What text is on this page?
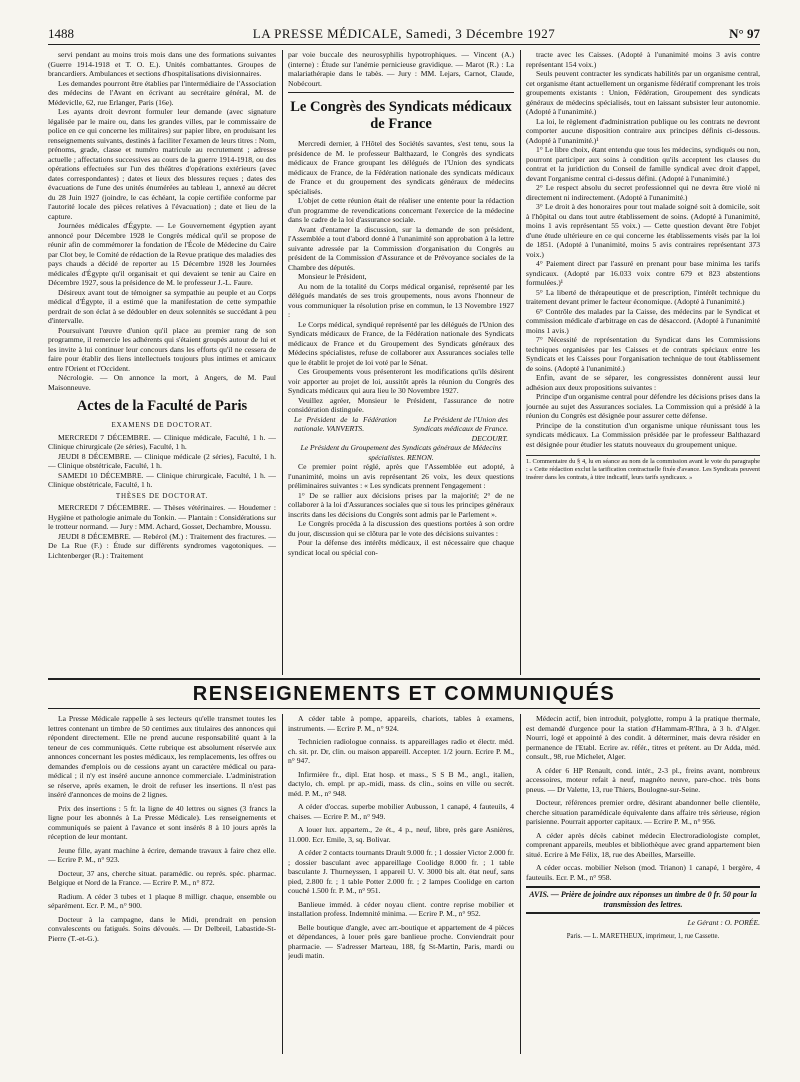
1488	LA PRESSE MÉDICALE, Samedi, 3 Décembre 1927	N° 97

servi pendant au moins trois mois dans une des formations suivantes (Guerre 1914-1918 et T. O. E.). Unités combattantes. Groupes de brancardiers. Ambulances et sections d'hospitalisations divisionnaires.

Les demandes pourront être établies par l'intermédiaire de l'Association des médecins de l'Avant en écrivant au secrétaire général, M. de Médeviclle, 62, rue Erlanger, Paris (16e).

Les ayants droit devront formuler leur demande (avec signature légalisée par le maire ou, dans les grandes villes, par le commissaire de police en ce qui concerne les militaires) sur papier libre, en produisant les renseignements suivants, destinés à faciliter l'examen de leurs titres : Nom, prénoms, grade, classe et numéro matricule au recrutement ; adresse actuelle ; affectations successives au cours de la guerre 1914-1918, ou des opérations effectuées sur l'un des théâtres d'opérations extérieurs (avec dates correspondantes) ; dates et lieux des blessures reçues ; dates des évacuations de l'une des unités énumérées au tableau 1, annexé au décret du 28 Juin 1927 (joindre, le cas échéant, la copie certifiée conforme par l'autorité locale des pièces relatives à l'évacuation) ; date et lieu de la capture.

Journées médicales d'Égypte. — Le Gouvernement égyptien ayant annoncé pour Décembre 1928 le Congrès médical qu'il se propose de réunir afin de commémorer la fondation de l'École de Médecine du Caire par Clot bey, le Comité de rédaction de la Revue pratique des maladies des pays chauds a décidé de reporter au 15 Décembre 1928 les Journées médicales d'Égypte qu'il organisait et qui devaient se tenir au Caire en Décembre 1927, sous la présidence de M. le professeur J.-L. Faure.

Désireux avant tout de témoigner sa sympathie au peuple et au Corps médical d'Égypte, il a estimé que la manifestation de cette sympathie perdrait de son éclat à se dédoubler en deux solennités se succédant à peu d'intervalle.

Poursuivant l'œuvre d'union qu'il place au premier rang de son programme, il remercie les adhérents qui s'étaient groupés autour de lui et les invite à lui continuer leur concours dans les efforts qu'il ne cessera de faire pour établir des liens intellectuels toujours plus intimes et amicaux entre l'Orient et l'Occident.

Nécrologie. — On annonce la mort, à Angers, de M. Paul Maisonneuve.

Actes de la Faculté de Paris
EXAMENS DE DOCTORAT.

MERCREDI 7 DÉCEMBRE. — Clinique médicale, Faculté, 1 h. — Clinique chirurgicale (2e séries), Faculté, 1 h.

JEUDI 8 DÉCEMBRE. — Clinique médicale (2 séries), Faculté, 1 h. — Clinique obstétricale, Faculté, 1 h.

SAMEDI 10 DÉCEMBRE. — Clinique chirurgicale, Faculté, 1 h. — Clinique obstétricale, Faculté, 1 h.

THÈSES DE DOCTORAT.

MERCREDI 7 DÉCEMBRE. — Thèses vétérinaires. — Houdemer : Hygiène et pathologie animale du Tonkin. — Plantain : Considérations sur le trotteur normand. — Jury : MM. Achard, Gosset, Dechambre, Moussu.

JEUDI 8 DÉCEMBRE. — Rebérol (M.) : Traitement des fractures. — De La Rue (F.) : Étude sur différents syndromes vagotoniques. — Lichtenberger (R.) : Traitement

par voie buccale des neurosyphilis hypotrophiques. — Vincent (A.) (interne) : Étude sur l'anémie pernicieuse gravidique. — Marot (R.) : La malariathérapie dans le tabès. — Jury : MM. Lejars, Carnot, Claude, Nobécourt.

Le Congrès des Syndicats médicaux de France

Mercredi dernier, à l'Hôtel des Sociétés savantes, s'est tenu, sous la présidence de M. le professeur Balthazard, le Congrès des syndicats médicaux de France groupant les délégués de l'Union des syndicats médicaux de France, de la Fédération nationale des syndicats médicaux de France et du groupement des syndicats généraux de médecins spécialisés.

L'objet de cette réunion était de réaliser une entente pour la rédaction d'un programme de revendications concernant l'exercice de la médecine dans le cadre de la loi d'assurance sociale.

Avant d'entamer la discussion, sur la demande de son président, l'Assemblée a tout d'abord donné à l'unanimité son approbation à la lettre suivante adressée par la Commission d'organisation du Congrès au président de la Commission d'Assurance et de Prévoyance sociales de la Chambre des députés.

Monsieur le Président,

Au nom de la totalité du Corps médical organisé, représenté par les délégués mandatés de ses trois groupements, nous avons l'honneur de vous communiquer la résolution prise en commun, le 13 Novembre 1927 :

Le Corps médical, syndiqué représenté par les délégués de l'Union des Syndicats médicaux de France, de la Fédération nationale des Syndicats médicaux de France et du Groupement des Syndicats généraux des Médecins spécialistes, refuse de collaborer aux Assurances sociales telle que le établit le projet de loi voté par le Sénat.

Ces Groupements vous présenteront les modifications qu'ils désirent voir apporter au projet de loi, aussitôt après la réunion du Congrès des Syndicats médicaux qui aura lieu le 30 Novembre 1927.

Veuillez agréer, Monsieur le Président, l'assurance de notre considération distinguée.

Le Président de la Fédération nationale. VANVERTS.
Le Président de l'Union des Syndicats médicaux de France. DECOURT.

Le Président du Groupement des Syndicats généraux de Médecins spécialistes. RENON.

Ce premier point réglé, après que l'Assemblée eut adopté, à l'unanimité, moins un avis représentant 26 voix, les deux questions préliminaires suivantes : « Les syndicats prennent l'engagement :

1° De se rallier aux décisions prises par la majorité; 2° de ne collaborer à la loi d'Assurances sociales que si tous les principes généraux inscrits dans les décisions du Congrès sont admis par le Parlement ».

Le Congrès procéda à la discussion des questions portées à son ordre du jour, discussion qui se clôtura par le vote des décisions suivantes :

Pour la défense des intérêts médicaux, il est nécessaire que chaque syndicat local ou spécial con-

tracte avec les Caisses. (Adopté à l'unanimité moins 3 avis contre représentant 154 voix.)

Seuls peuvent contracter les syndicats habilités par un organisme central, cet organisme étant actuellement un organisme fédératif comprenant les trois groupements existants : Union, Fédération, Groupement des syndicats généraux de médecins spécialisés, tout en laissant subsister leur autonomie. (Adopté à l'unanimité.)

La loi, le règlement d'administration publique ou les contrats ne devront comporter aucune disposition contraire aux principes définis ci-dessous. (Adopté à l'unanimité.)¹

1° Le libre choix, étant entendu que tous les médecins, syndiqués ou non, pourront participer aux soins à condition qu'ils acceptent les clauses du contrat et la juridiction du Conseil de famille syndical avec droit d'appel, devant l'organisme central ci-dessus défini. (Adopté à l'unanimité.)

2° Le respect absolu du secret professionnel qui ne devra être violé ni directement ni indirectement. (Adopté à l'unanimité.)

3° Le droit à des honoraires pour tout malade soigné soit à domicile, soit à l'hôpital ou dans tout autre établissement de soins. (Adopté à l'unanimité, moins 1 avis représentant 55 voix.) — Cette question devant être l'objet d'une étude ultérieure en ce qui concerne les établissements visés par la loi de 1851. (Adopté à l'unanimité, moins 5 avis contraires représentant 373 voix.)

4° Paiement direct par l'assuré en prenant pour base minima les tarifs syndicaux. (Adopté par 16.033 voix contre 679 et 823 abstentions formulées.)¹

5° La liberté de thérapeutique et de prescription, l'intérêt technique du traitement devant primer le facteur économique. (Adopté à l'unanimité.)

6° Contrôle des malades par la Caisse, des médecins par le Syndicat et commission médicale d'arbitrage en cas de désaccord. (Adopté à l'unanimité moins 1 avis.)

7° Nécessité de représentation du Syndicat dans les Commissions techniques organisées par les Caisses et de contrats spéciaux entre les Syndicats et les Caisses pour l'organisation technique de tout établissement de soins. (Adopté à l'unanimité.)

Enfin, avant de se séparer, les congressistes donnèrent aussi leur adhésion aux deux propositions suivantes :

Principe d'un organisme central pour défendre les décisions prises dans la journée au sujet des Assurances sociales. La Commission qui a présidé à la réunion du Congrès est désignée pour assurer cette défense.

Principe de la constitution d'un organisme unique réunissant tous les syndicats médicaux. La Commission présidée par le professeur Balthazard est désignée pour étudier les statuts nouveaux du groupement unique.

1. Commentaire du § 4, lu en séance au nom de la commission avant le vote du paragraphe : « Cette rédaction exclut la tarification contractuelle fixée d'avance. Les Syndicats peuvent insérer dans les contrats, à titre indicatif, leurs tarifs syndicaux. »
RENSEIGNEMENTS ET COMMUNIQUÉS

La Presse Médicale rappelle à ses lecteurs qu'elle transmet toutes les lettres contenant un timbre de 50 centimes aux titulaires des annonces qui répondent directement. Elle ne prend aucune responsabilité quant à la teneur de ces communiqués. Cette rubrique est absolument réservée aux annonces concernant les postes médicaux, les remplacements, les offres ou demandes d'emplois ou de cessions ayant un caractère médical ou para-médical ; il n'y est inséré aucune annonce commerciale. L'administration se réserve, après examen, le droit de refuser les insertions. Il n'est pas inséré d'annonces de moins de 2 lignes.

Prix des insertions : 5 fr. la ligne de 40 lettres ou signes (3 francs la ligne pour les abonnés à La Presse Médicale). Les renseignements et communiqués se paient à l'avance et sont insérés 8 à 10 jours après la réception de leur montant.

Jeune fille, ayant machine à écrire, demande travaux à faire chez elle. — Ecrire P. M., n° 923.

Docteur, 37 ans, cherche situat. paramédic. ou représ. spéc. pharmac. Belgique et Nord de la France. — Ecrire P. M., n° 872.

Radium. A céder 3 tubes et 1 plaque 8 milligr. chaque, ensemble ou séparément. Ecr. P. M., n° 900.

Docteur à la campagne, dans le Midi, prendrait en pension convalescents ou fatigués. Soins dévoués. — Dr Delbreil, Labastide-St-Pierre (T.-et-G.).

A céder table à pompe, appareils, chariots, tables à examens, instruments. — Ecrire P. M., n° 924.

Technicien radiologue connaiss. ts appareillages radio et électr. méd. ch. sit. pr. Dr, clin. ou maison appareill. Accepter. 1/2 journ. Ecrire P. M., n° 947.

Infirmière fr., dipl. Etat hosp. et mass., S S B M., angl., italien, dactylo, ch. empl. pr ap.-midi, mass. ds clin., soins en ville ou secrét. méd. P. M., n° 948.

A céder d'occas. superbe mobilier Aubusson, 1 canapé, 4 fauteuils, 4 chaises. — Ecrire P. M., n° 949.

A louer lux. appartem., 2e ét., 4 p., neuf, libre, près gare Asnières, 11.000. Ecr. Emile, 3, sq. Bolivar.

A céder 2 contacts tournants Drault 9.000 fr. ; 1 dossier Victor 2.000 fr. ; dossier basculant avec appareillage Coolidge 8.000 fr. ; 1 table basculante J. Thurneyssen, 1 appareil U. V. 3000 bis alt. état neuf, sans pied, 2.800 fr. ; 1 table Potter 2.000 fr. ; 2 lampes Coolidge en carton couché 1.500 fr. P. M., n° 951.

Banlieue imméd. à céder noyau client. contre reprise mobilier et installation profess. Indemnité minima. — Ecrire P. M., n° 952.

Belle boutique d'angle, avec arr.-boutique et appartement de 4 pièces et dépendances, à louer près gare banlieue proche. Conviendrait pour pharmacie. — S'adresser Marteau, 188, fg St-Martin, Paris, mardi ou jeudi matin.

Médecin actif, bien introduit, polyglotte, rompu à la pratique thermale, est demandé d'urgence pour la station d'Hammam-R'Ihra, à 3 h. d'Alger. Nourri, logé et appointé à des condit. à déterminer, mais devra résider en permanence de l'Etabl. Ecrire av. référ., titres et prétent. au Dr Adda, méd. consult., 98, rue Michelet, Alger.

A céder 6 HP Renault, cond. intér., 2-3 pl., freins avant, nombreux accessoires, moteur refait à neuf, magnéto neuve, pare-choc. très bons pneus. — Dr Valette, 13, rue Thiers, Boulogne-sur-Seine.

Docteur, références premier ordre, désirant abandonner belle clientèle, cherche situation paramédicale équivalente dans affaire très sérieuse, région parisienne. Pourrait apporter capitaux. — Ecrire P. M., n° 956.

A céder après décès cabinet médecin Electroradiologiste complet, comprenant appareils, meubles et bibliothèque avec grand appartement bien situé. Ecrire à Me Félix, 18, rue des Abeilles, Marseille.

A céder occas. mobilier Nelson (mod. Trianon) 1 canapé, 1 bergère, 4 fauteuils. Ecr. P. M., n° 958.

AVIS. — Prière de joindre aux réponses un timbre de 0 fr. 50 pour la transmission des lettres.
Le Gérant : O. PORÉE.
Paris. — L. MARETHEUX, imprimeur, 1, rue Cassette.
